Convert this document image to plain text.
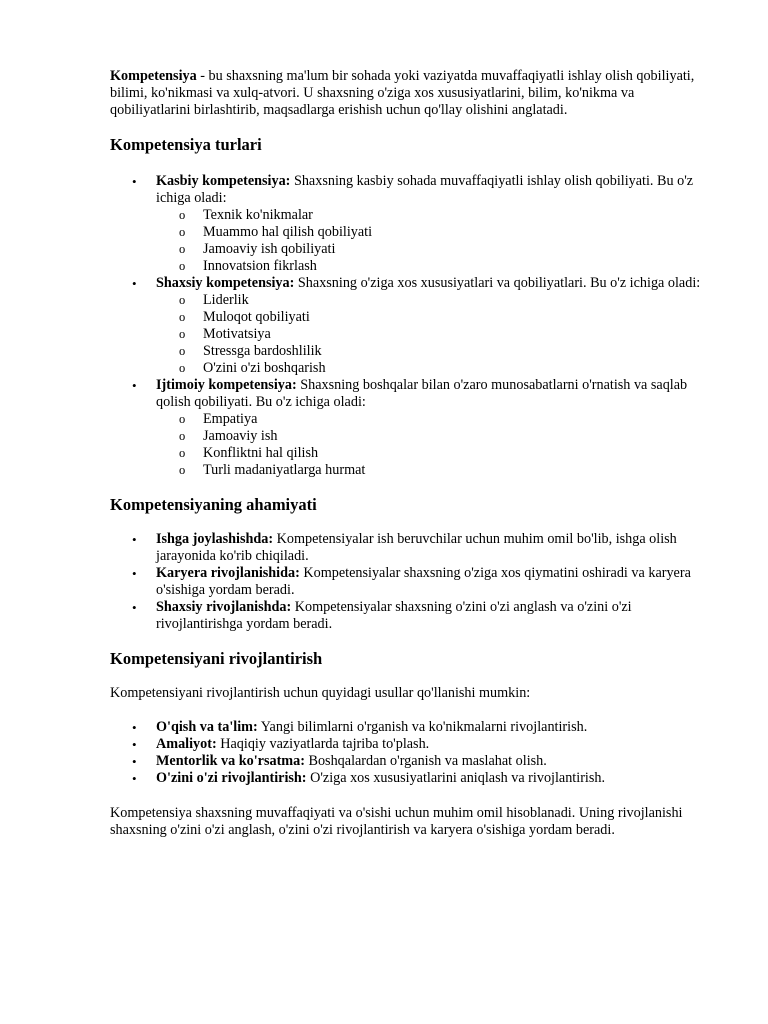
Kompetensiya - bu shaxsning ma'lum bir sohada yoki vaziyatda muvaffaqiyatli ishlay olish qobiliyati, bilimi, ko'nikmasi va xulq-atvori. U shaxsning o'ziga xos xususiyatlarini, bilim, ko'nikma va qobiliyatlarini birlashtirib, maqsadlarga erishish uchun qo'llay olishini anglatadi.

Kompetensiya turlari
• Kasbiy kompetensiya: Shaxsning kasbiy sohada muvaffaqiyatli ishlay olish qobiliyati. Bu o'z ichiga oladi:
o Texnik ko'nikmalar
o Muammo hal qilish qobiliyati
o Jamoaviy ish qobiliyati
o Innovatsion fikrlash
• Shaxsiy kompetensiya: Shaxsning o'ziga xos xususiyatlari va qobiliyatlari. Bu o'z ichiga oladi:
o Liderlik
o Muloqot qobiliyati
o Motivatsiya
o Stressga bardoshlilik
o O'zini o'zi boshqarish
• Ijtimoiy kompetensiya: Shaxsning boshqalar bilan o'zaro munosabatlarni o'rnatish va saqlab qolish qobiliyati. Bu o'z ichiga oladi:
o Empatiya
o Jamoaviy ish
o Konfliktni hal qilish
o Turli madaniyatlarga hurmat
Kompetensiyaning ahamiyati
• Ishga joylashishda: Kompetensiyalar ish beruvchilar uchun muhim omil bo'lib, ishga olish jarayonida ko'rib chiqiladi.
• Karyera rivojlanishida: Kompetensiyalar shaxsning o'ziga xos qiymatini oshiradi va karyera o'sishiga yordam beradi.
• Shaxsiy rivojlanishda: Kompetensiyalar shaxsning o'zini o'zi anglash va o'zini o'zi rivojlantirishga yordam beradi.
Kompetensiyani rivojlantirish

Kompetensiyani rivojlantirish uchun quyidagi usullar qo'llanishi mumkin:

• O'qish va ta'lim: Yangi bilimlarni o'rganish va ko'nikmalarni rivojlantirish.
• Amaliyot: Haqiqiy vaziyatlarda tajriba to'plash.
• Mentorlik va ko'rsatma: Boshqalardan o'rganish va maslahat olish.
• O'zini o'zi rivojlantirish: O'ziga xos xususiyatlarini aniqlash va rivojlantirish.

Kompetensiya shaxsning muvaffaqiyati va o'sishi uchun muhim omil hisoblanadi. Uning rivojlanishi shaxsning o'zini o'zi anglash, o'zini o'zi rivojlantirish va karyera o'sishiga yordam beradi.
